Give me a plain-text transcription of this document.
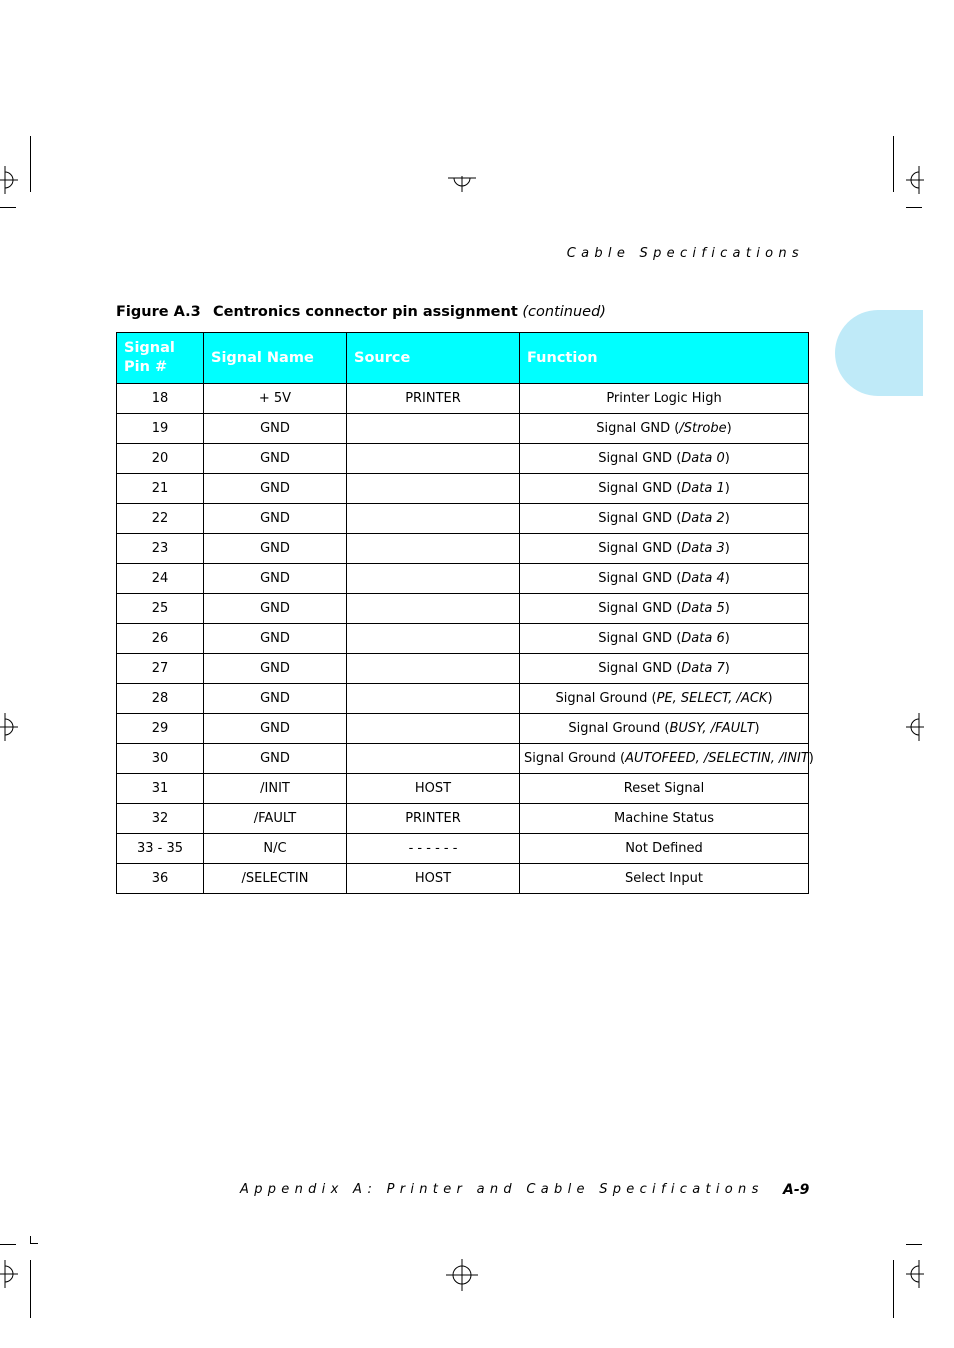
Cable Specifications
Figure A.3 Centronics connector pin assignment (continued)
Signal
Pin #	Signal Name	Source	Function
18	+ 5V	PRINTER	Printer Logic High
19	GND		Signal GND (/Strobe)
20	GND		Signal GND (Data 0)
21	GND		Signal GND (Data 1)
22	GND		Signal GND (Data 2)
23	GND		Signal GND (Data 3)
24	GND		Signal GND (Data 4)
25	GND		Signal GND (Data 5)
26	GND		Signal GND (Data 6)
27	GND		Signal GND (Data 7)
28	GND		Signal Ground (PE, SELECT, /ACK)
29	GND		Signal Ground (BUSY, /FAULT)
30	GND		Signal Ground (AUTOFEED, /SELECTIN, /INIT)
31	/INIT	HOST	Reset Signal
32	/FAULT	PRINTER	Machine Status
33 - 35	N/C	- - - - - -	Not Defined
36	/SELECTIN	HOST	Select Input
Appendix A: Printer and Cable Specifications A-9
